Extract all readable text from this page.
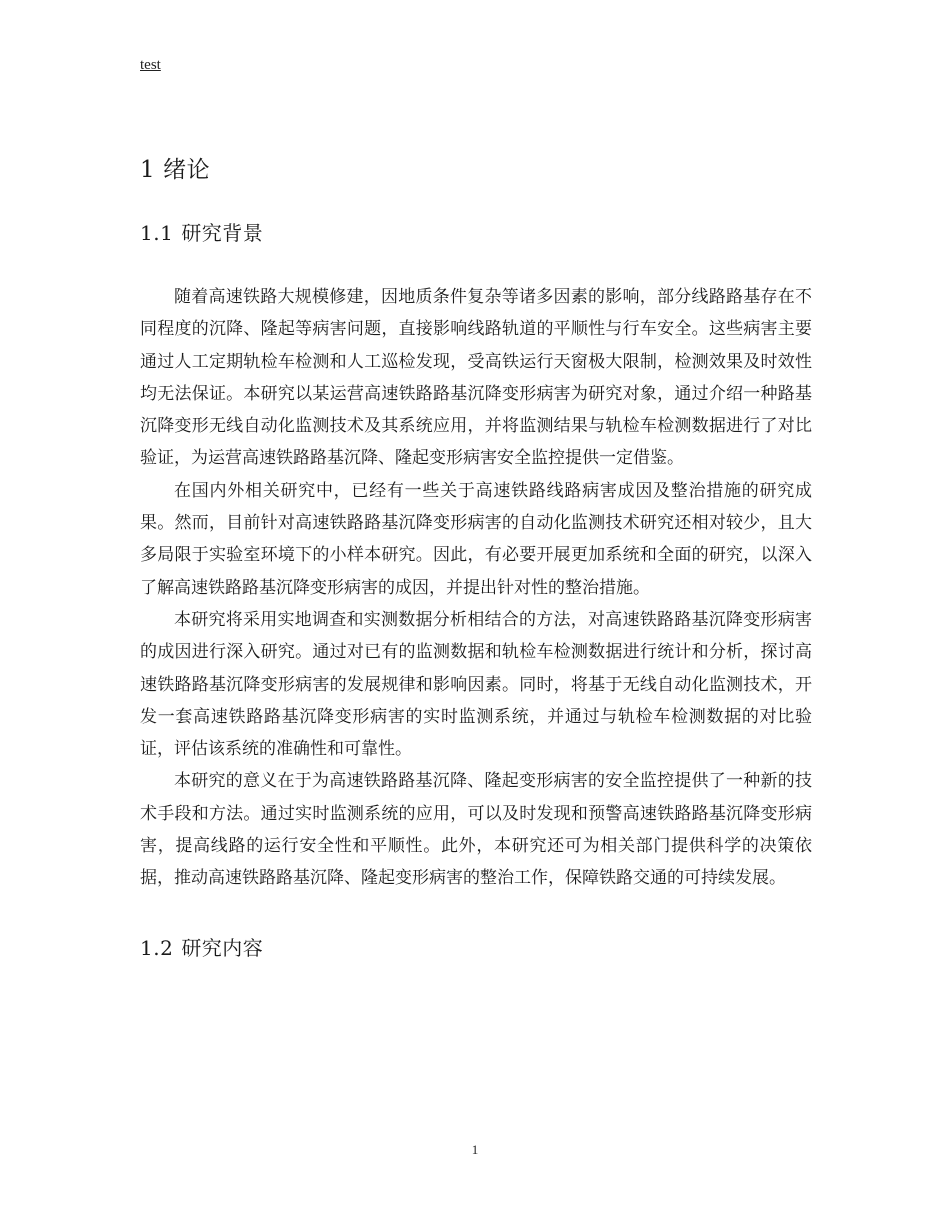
test
1 绪论
1.1 研究背景

随着高速铁路大规模修建，因地质条件复杂等诸多因素的影响，部分线路路基存在不同程度的沉降、隆起等病害问题，直接影响线路轨道的平顺性与行车安全。这些病害主要通过人工定期轨检车检测和人工巡检发现，受高铁运行天窗极大限制，检测效果及时效性均无法保证。本研究以某运营高速铁路路基沉降变形病害为研究对象，通过介绍一种路基沉降变形无线自动化监测技术及其系统应用，并将监测结果与轨检车检测数据进行了对比验证，为运营高速铁路路基沉降、隆起变形病害安全监控提供一定借鉴。

在国内外相关研究中，已经有一些关于高速铁路线路病害成因及整治措施的研究成果。然而，目前针对高速铁路路基沉降变形病害的自动化监测技术研究还相对较少，且大多局限于实验室环境下的小样本研究。因此，有必要开展更加系统和全面的研究，以深入了解高速铁路路基沉降变形病害的成因，并提出针对性的整治措施。

本研究将采用实地调查和实测数据分析相结合的方法，对高速铁路路基沉降变形病害的成因进行深入研究。通过对已有的监测数据和轨检车检测数据进行统计和分析，探讨高速铁路路基沉降变形病害的发展规律和影响因素。同时，将基于无线自动化监测技术，开发一套高速铁路路基沉降变形病害的实时监测系统，并通过与轨检车检测数据的对比验证，评估该系统的准确性和可靠性。

本研究的意义在于为高速铁路路基沉降、隆起变形病害的安全监控提供了一种新的技术手段和方法。通过实时监测系统的应用，可以及时发现和预警高速铁路路基沉降变形病害，提高线路的运行安全性和平顺性。此外，本研究还可为相关部门提供科学的决策依据，推动高速铁路路基沉降、隆起变形病害的整治工作，保障铁路交通的可持续发展。

1.2 研究内容
1
